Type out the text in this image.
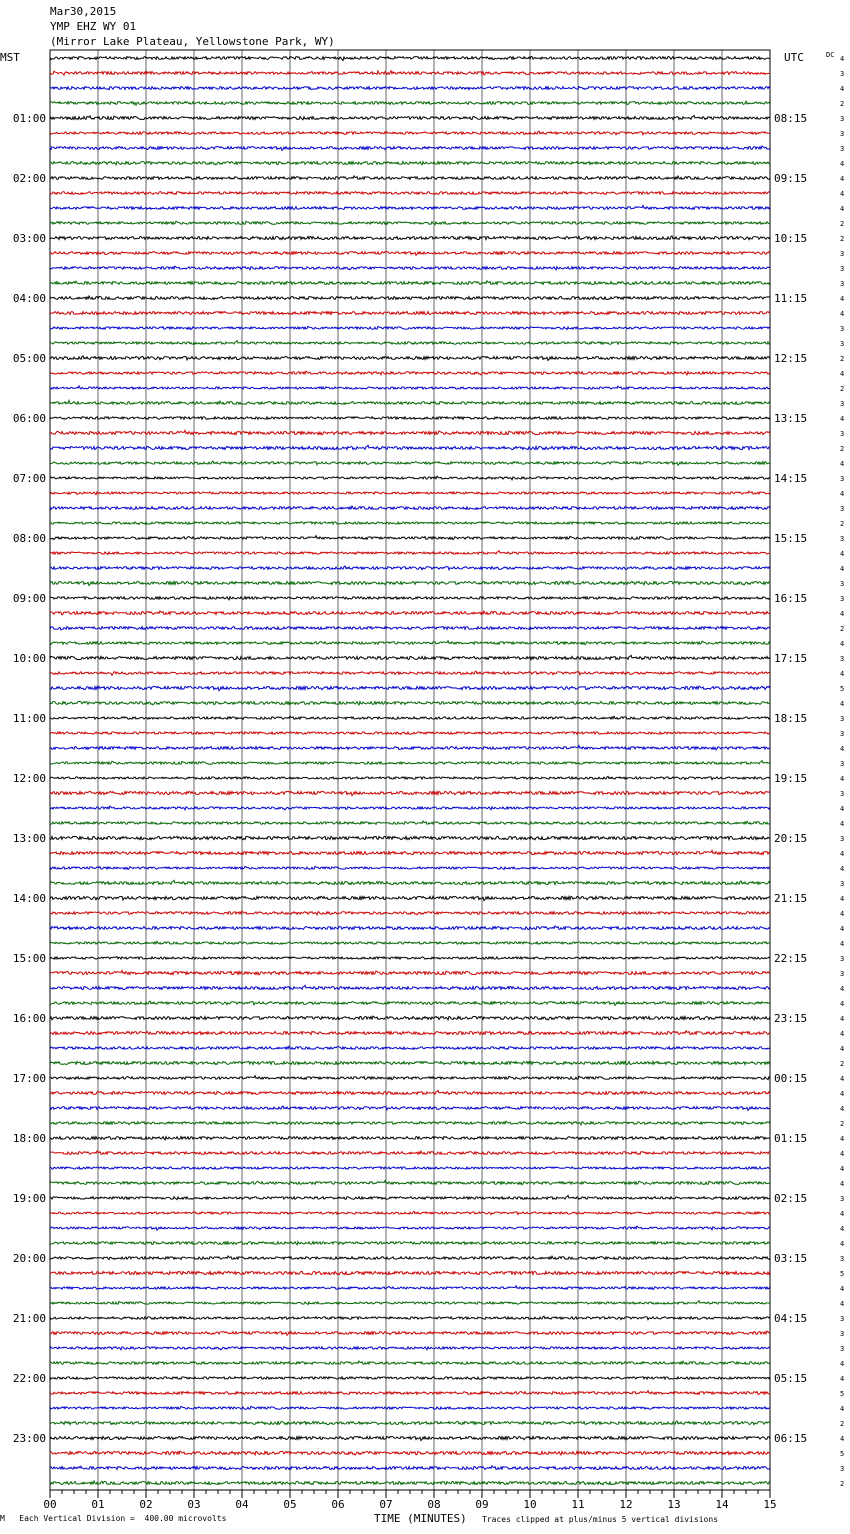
Mar30,2015
YMP EHZ WY 01
(Mirror Lake Plateau, Yellowstone Park, WY)
4
3
4
2
3
3
3
4
4
4
4
2
2
3
3
3
4
4
3
3
2
4
2
3
4
3
2
4
3
4
3
2
3
4
4
3
3
4
2
4
3
4
5
4
3
3
4
3
4
3
4
4
3
4
4
3
4
4
4
4
3
3
4
4
4
4
4
2
4
4
4
2
4
4
4
4
3
4
4
4
3
5
4
4
3
3
3
4
4
5
4
2
4
5
3
2
MST	UTC	DC
01:00
02:00
03:00
04:00
05:00
06:00
07:00
08:00
09:00
10:00
11:00
12:00
13:00
14:00
15:00
16:00
17:00
18:00
19:00
20:00
21:00
22:00
23:00
08:15
09:15
10:15
11:15
12:15
13:15
14:15
15:15
16:15
17:15
18:15
19:15
20:15
21:15
22:15
23:15
00:15
01:15
02:15
03:15
04:15
05:15
06:15
00	01	02	03	04	05	06	07	08	09	10	11	12	13	14	15
M Each Vertical Division =  400.00 microvolts	TIME (MINUTES) Traces clipped at plus/minus 5 vertical divisions
